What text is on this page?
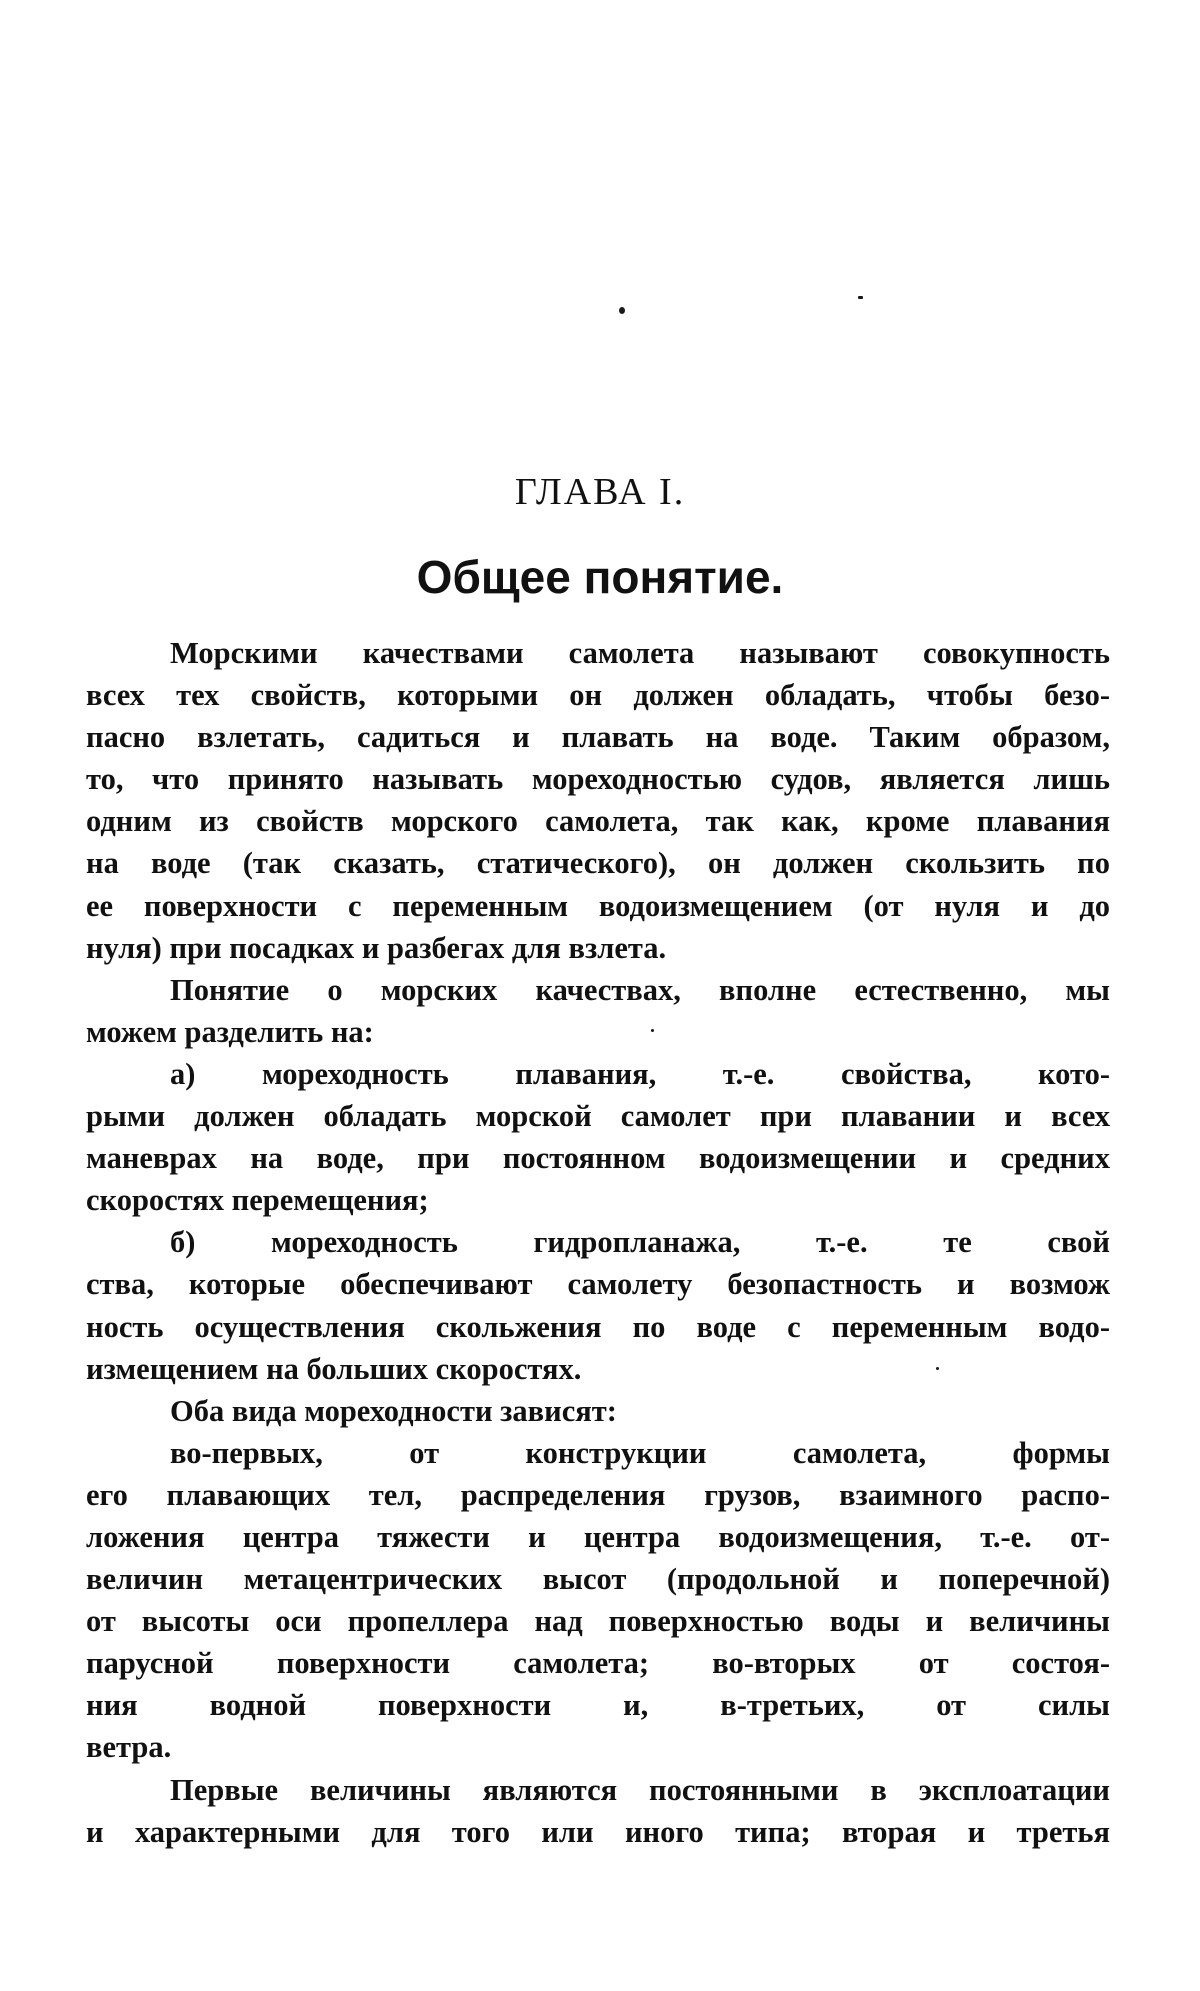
ГЛАВА I.
Общее понятие.
Морскими качествами самолета называют совокупность
всех тех свойств, которыми он должен обладать, чтобы безо-
пасно взлетать, садиться и плавать на воде. Таким образом,
то, что принято называть мореходностью судов, является лишь
одним из свойств морского самолета, так как, кроме плавания
на воде (так сказать, статического), он должен скользить по
ее поверхности с переменным водоизмещением (от нуля и до
нуля) при посадках и разбегах для взлета.
Понятие о морских качествах, вполне естественно, мы
можем разделить на:
а) мореходность плавания, т.-е. свойства, кото-
рыми должен обладать морской самолет при плавании и всех
маневрах на воде, при постоянном водоизмещении и средних
скоростях перемещения;
б) мореходность гидропланажа, т.-е. те свой
ства, которые обеспечивают самолету безопастность и возмож
ность осуществления скольжения по воде с переменным водо-
измещением на больших скоростях.
Оба вида мореходности зависят:
во-первых, от конструкции самолета, формы
его плавающих тел, распределения грузов, взаимного распо-
ложения центра тяжести и центра водоизмещения, т.-е. от-
величин метацентрических высот (продольной и поперечной)
от высоты оси пропеллера над поверхностью воды и величины
парусной поверхности самолета; во-вторых от состоя-
ния водной поверхности и, в-третьих, от силы
ветра.
Первые величины являются постоянными в эксплоатации
и характерными для того или иного типа; вторая и третья
